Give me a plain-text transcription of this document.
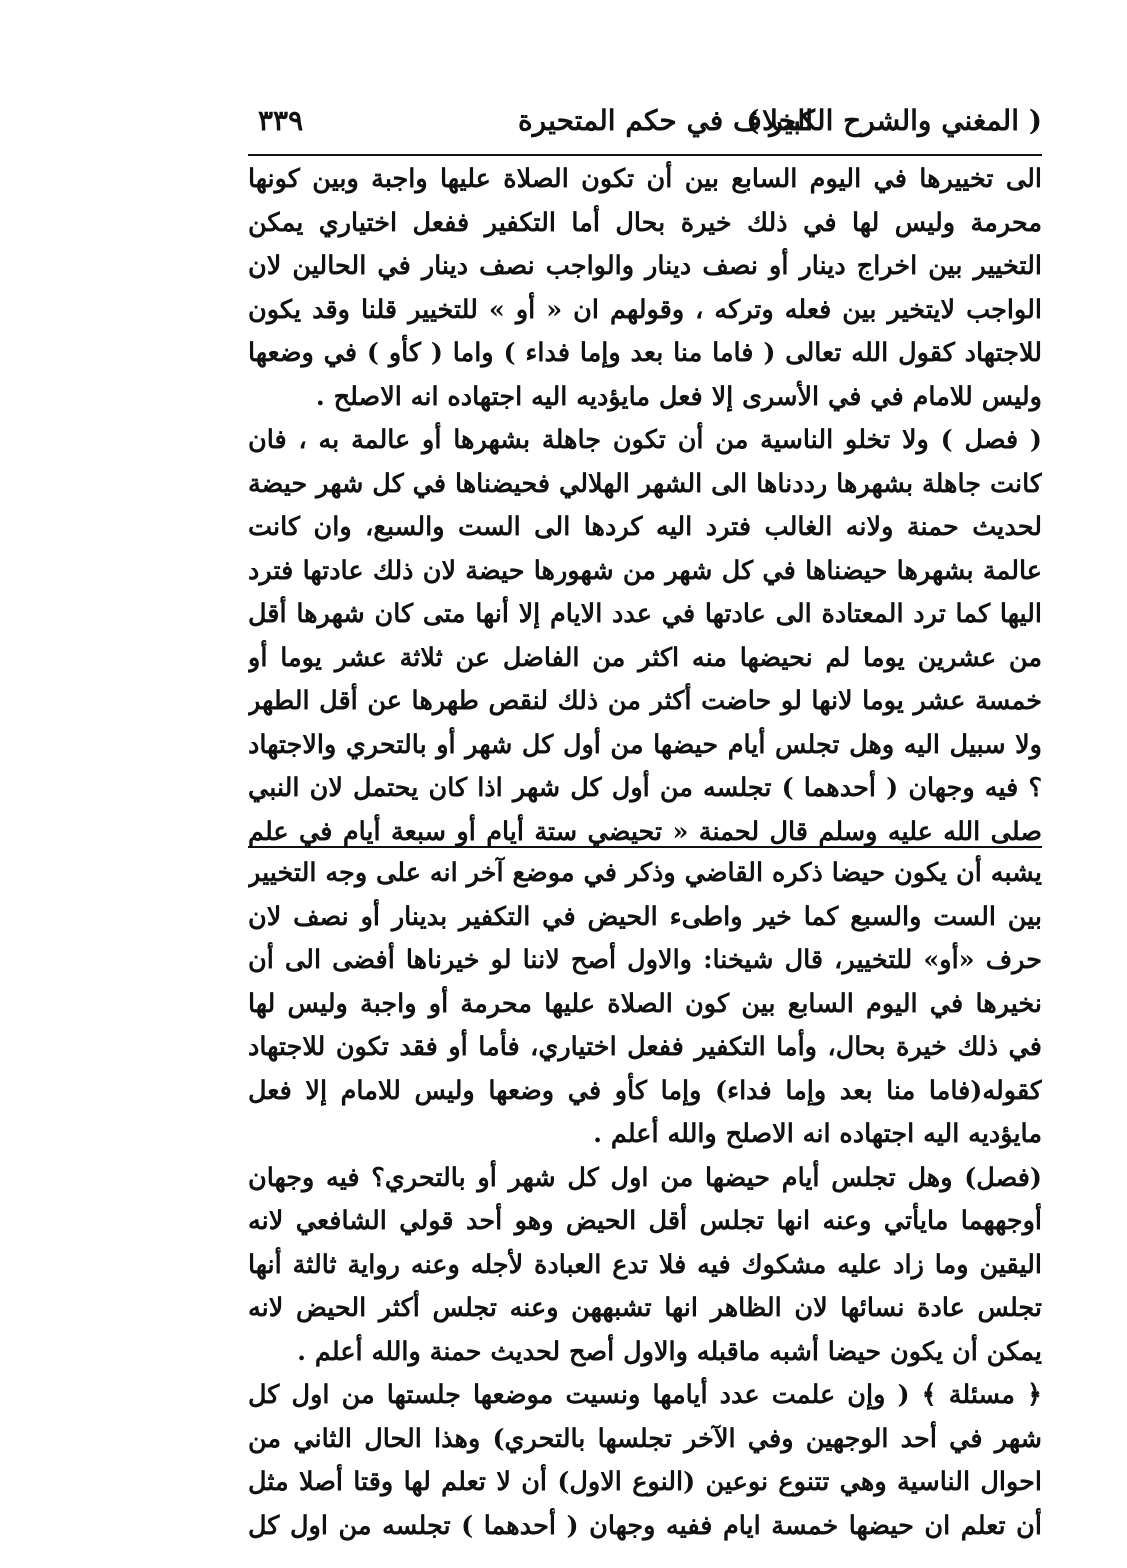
( المغني والشرح الكبير )
الخلاف في حكم المتحيرة
٣٣٩

الى تخييرها في اليوم السابع بين أن تكون الصلاة عليها واجبة وبين كونها محرمة وليس لها في ذلك خيرة بحال أما التكفير ففعل اختياري يمكن التخيير بين اخراج دينار أو نصف دينار والواجب نصف دينار في الحالين لان الواجب لايتخير بين فعله وتركه ، وقولهم ان « أو » للتخيير قلنا وقد يكون للاجتهاد كقول الله تعالى ( فاما منا بعد وإما فداء ) واما ( كأو ) في وضعها وليس للامام في في الأسرى إلا فعل مايؤديه اليه اجتهاده انه الاصلح .

( فصل ) ولا تخلو الناسية من أن تكون جاهلة بشهرها أو عالمة به ، فان كانت جاهلة بشهرها رددناها الى الشهر الهلالي فحيضناها في كل شهر حيضة لحديث حمنة ولانه الغالب فترد اليه كردها الى الست والسبع، وان كانت عالمة بشهرها حيضناها في كل شهر من شهورها حيضة لان ذلك عادتها فترد اليها كما ترد المعتادة الى عادتها في عدد الايام إلا أنها متى كان شهرها أقل من عشرين يوما لم نحيضها منه اكثر من الفاضل عن ثلاثة عشر يوما أو خمسة عشر يوما لانها لو حاضت أكثر من ذلك لنقص طهرها عن أقل الطهر ولا سبيل اليه وهل تجلس أيام حيضها من أول كل شهر أو بالتحري والاجتهاد ؟ فيه وجهان ( أحدهما ) تجلسه من أول كل شهر اذا كان يحتمل لان النبي صلى الله عليه وسلم قال لحمنة « تحيضي ستة أيام أو سبعة أيام في علم

يشبه أن يكون حيضا ذكره القاضي وذكر في موضع آخر انه على وجه التخيير بين الست والسبع كما خير واطىء الحيض في التكفير بدينار أو نصف لان حرف «أو» للتخيير، قال شيخنا: والاول أصح لاننا لو خيرناها أفضى الى أن نخيرها في اليوم السابع بين كون الصلاة عليها محرمة أو واجبة وليس لها في ذلك خيرة بحال، وأما التكفير ففعل اختياري، فأما أو فقد تكون للاجتهاد كقوله(فاما منا بعد وإما فداء) وإما كأو في وضعها وليس للامام إلا فعل مايؤديه اليه اجتهاده انه الاصلح والله أعلم .

(فصل) وهل تجلس أيام حيضها من اول كل شهر أو بالتحري؟ فيه وجهان أوجههما مايأتي وعنه انها تجلس أقل الحيض وهو أحد قولي الشافعي لانه اليقين وما زاد عليه مشكوك فيه فلا تدع العبادة لأجله وعنه رواية ثالثة أنها تجلس عادة نسائها لان الظاهر انها تشبههن وعنه تجلس أكثر الحيض لانه يمكن أن يكون حيضا أشبه ماقبله والاول أصح لحديث حمنة والله أعلم .

﴿ مسئلة ﴾ ( وإن علمت عدد أيامها ونسيت موضعها جلستها من اول كل شهر في أحد الوجهين وفي الآخر تجلسها بالتحري) وهذا الحال الثاني من احوال الناسية وهي تتنوع نوعين (النوع الاول) أن لا تعلم لها وقتا أصلا مثل أن تعلم ان حيضها خمسة ايام ففيه وجهان ( أحدهما ) تجلسه من اول كل
